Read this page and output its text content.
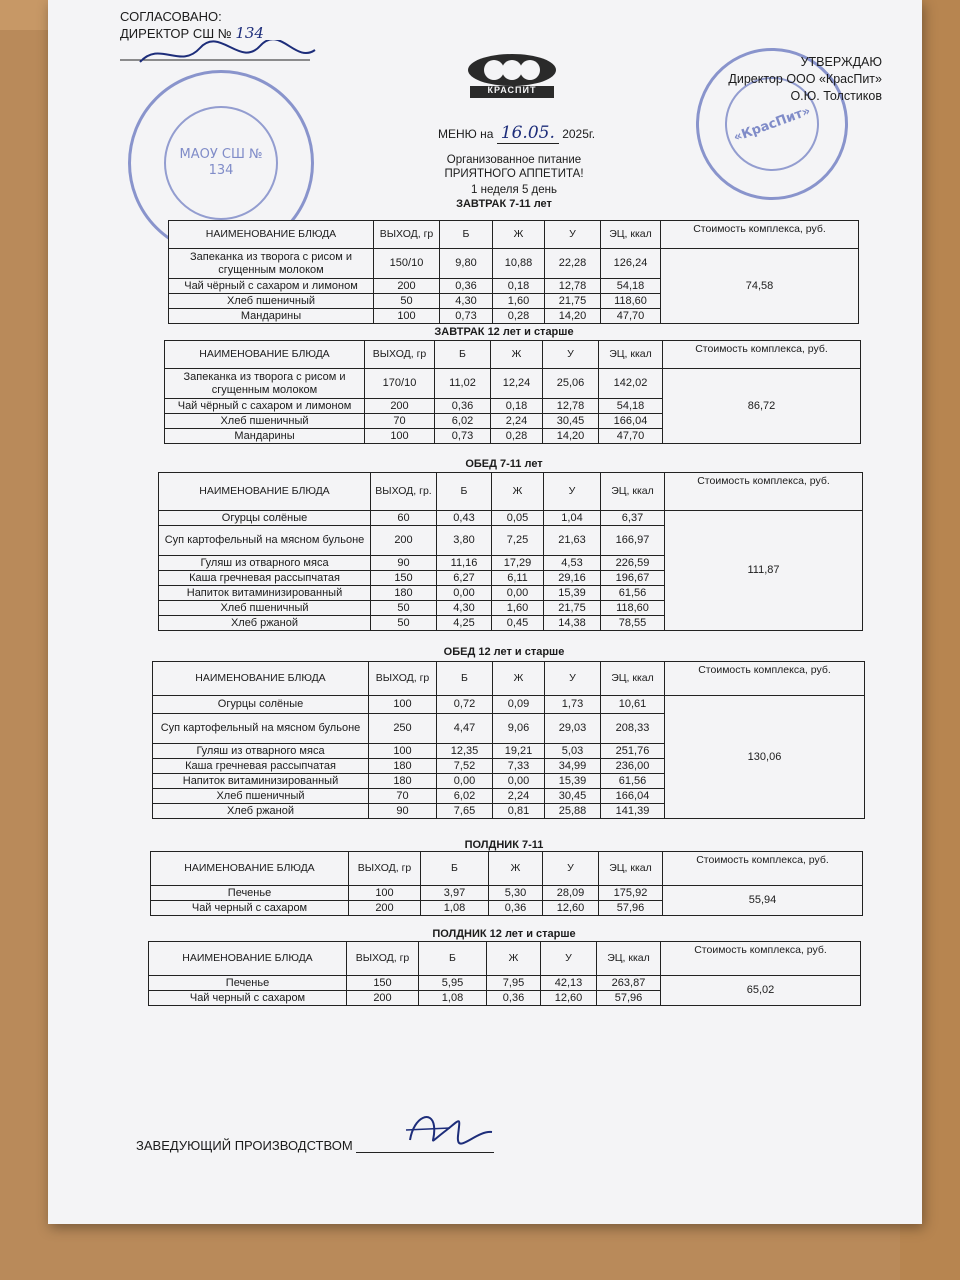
МАОУ СШ № 134
«КрасПит»
СОГЛАСОВАНО:
ДИРЕКТОР СШ № 134
КРАСПИТ
УТВЕРЖДАЮ
Директор ООО «КрасПит»
О.Ю. Толстиков
МЕНЮ на 16.05. 2025г.
Организованное питание
ПРИЯТНОГО АППЕТИТА!
1 неделя 5 день
ЗАВТРАК 7-11 лет
НАИМЕНОВАНИЕ БЛЮДА	ВЫХОД, гр	Б	Ж	У	ЭЦ, ккал	Стоимость комплекса, руб.
Запеканка из творога с рисом и сгущенным молоком	150/10	9,80	10,88	22,28	126,24	74,58
Чай чёрный с сахаром и лимоном	200	0,36	0,18	12,78	54,18	
Хлеб пшеничный	50	4,30	1,60	21,75	118,60	
Мандарины	100	0,73	0,28	14,20	47,70	
ЗАВТРАК 12 лет и старше
НАИМЕНОВАНИЕ БЛЮДА	ВЫХОД, гр	Б	Ж	У	ЭЦ, ккал	Стоимость комплекса, руб.
Запеканка из творога с рисом и сгущенным молоком	170/10	11,02	12,24	25,06	142,02	86,72
Чай чёрный с сахаром и лимоном	200	0,36	0,18	12,78	54,18	
Хлеб пшеничный	70	6,02	2,24	30,45	166,04	
Мандарины	100	0,73	0,28	14,20	47,70	
ОБЕД 7-11 лет
НАИМЕНОВАНИЕ БЛЮДА	ВЫХОД, гр.	Б	Ж	У	ЭЦ, ккал	Стоимость комплекса, руб.
Огурцы солёные	60	0,43	0,05	1,04	6,37	111,87
Суп картофельный на мясном бульоне	200	3,80	7,25	21,63	166,97	
Гуляш из отварного мяса	90	11,16	17,29	4,53	226,59	
Каша гречневая рассыпчатая	150	6,27	6,11	29,16	196,67	
Напиток витаминизированный	180	0,00	0,00	15,39	61,56	
Хлеб пшеничный	50	4,30	1,60	21,75	118,60	
Хлеб ржаной	50	4,25	0,45	14,38	78,55	
ОБЕД 12 лет и старше
НАИМЕНОВАНИЕ БЛЮДА	ВЫХОД, гр	Б	Ж	У	ЭЦ, ккал	Стоимость комплекса, руб.
Огурцы солёные	100	0,72	0,09	1,73	10,61	130,06
Суп картофельный на мясном бульоне	250	4,47	9,06	29,03	208,33	
Гуляш из отварного мяса	100	12,35	19,21	5,03	251,76	
Каша гречневая рассыпчатая	180	7,52	7,33	34,99	236,00	
Напиток витаминизированный	180	0,00	0,00	15,39	61,56	
Хлеб пшеничный	70	6,02	2,24	30,45	166,04	
Хлеб ржаной	90	7,65	0,81	25,88	141,39	
ПОЛДНИК 7-11
НАИМЕНОВАНИЕ БЛЮДА	ВЫХОД, гр	Б	Ж	У	ЭЦ, ккал	Стоимость комплекса, руб.
Печенье	100	3,97	5,30	28,09	175,92	55,94
Чай черный с сахаром	200	1,08	0,36	12,60	57,96	
ПОЛДНИК 12 лет и старше
НАИМЕНОВАНИЕ БЛЮДА	ВЫХОД, гр	Б	Ж	У	ЭЦ, ккал	Стоимость комплекса, руб.
Печенье	150	5,95	7,95	42,13	263,87	65,02
Чай черный с сахаром	200	1,08	0,36	12,60	57,96	
ЗАВЕДУЮЩИЙ ПРОИЗВОДСТВОМ
